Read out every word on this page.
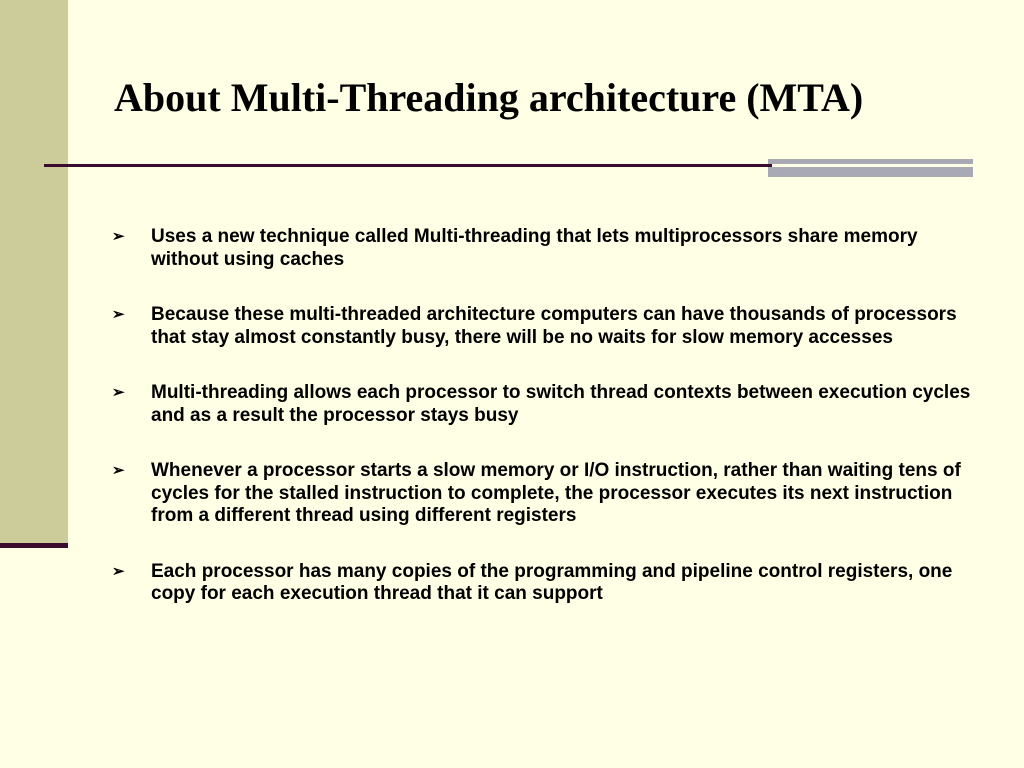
About Multi-Threading architecture (MTA)
➢ Uses a new technique called Multi-threading that lets multiprocessors share memory without using caches
➢ Because these multi-threaded architecture computers can have thousands of processors that stay almost constantly busy, there will be no waits for slow memory accesses
➢ Multi-threading allows each processor to switch thread contexts between execution cycles and as a result the processor stays busy
➢ Whenever a processor starts a slow memory or I/O instruction, rather than waiting tens of cycles for the stalled instruction to complete, the processor executes its next instruction from a different thread using different registers
➢ Each processor has many copies of the programming and pipeline control registers, one copy for each execution thread that it can support
